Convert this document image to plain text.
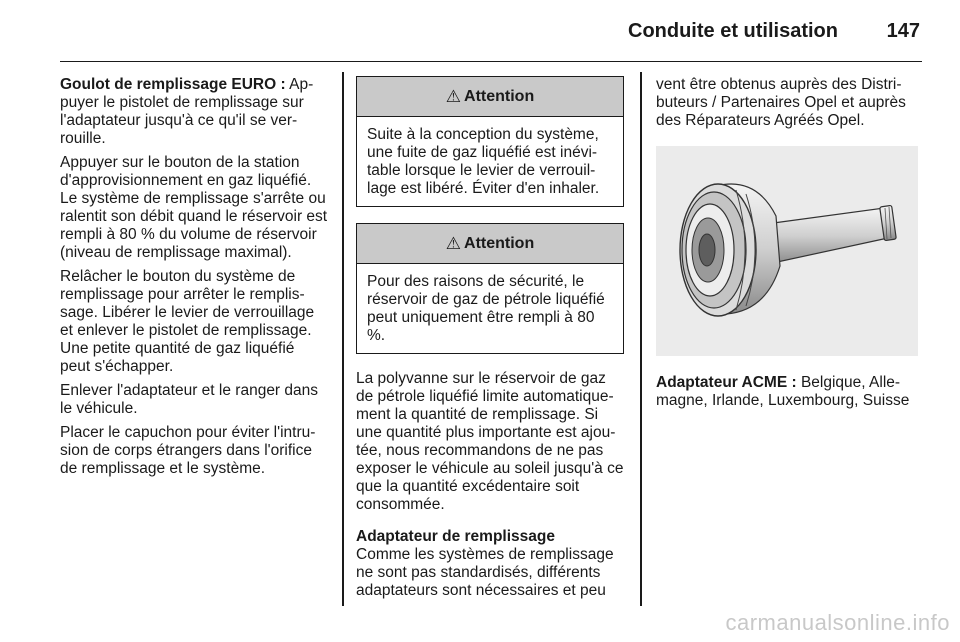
Conduite et utilisation 147

Goulot de remplissage EURO : Appuyer le pistolet de remplissage sur l'adaptateur jusqu'à ce qu'il se verrouille.

Appuyer sur le bouton de la station d'approvisionnement en gaz liquéfié. Le système de remplissage s'arrête ou ralentit son débit quand le réservoir est rempli à 80 % du volume de réservoir (niveau de remplissage maximal).

Relâcher le bouton du système de remplissage pour arrêter le remplissage. Libérer le levier de verrouillage et enlever le pistolet de remplissage. Une petite quantité de gaz liquéfié peut s'échapper.

Enlever l'adaptateur et le ranger dans le véhicule.

Placer le capuchon pour éviter l'intrusion de corps étrangers dans l'orifice de remplissage et le système.

⚠ Attention
Suite à la conception du système, une fuite de gaz liquéfié est inévitable lorsque le levier de verrouillage est libéré. Éviter d'en inhaler.
⚠ Attention
Pour des raisons de sécurité, le réservoir de gaz de pétrole liquéfié peut uniquement être rempli à 80 %.

La polyvanne sur le réservoir de gaz de pétrole liquéfié limite automatiquement la quantité de remplissage. Si une quantité plus importante est ajoutée, nous recommandons de ne pas exposer le véhicule au soleil jusqu'à ce que la quantité excédentaire soit consommée.

Adaptateur de remplissage

Comme les systèmes de remplissage ne sont pas standardisés, différents adaptateurs sont nécessaires et peu

vent être obtenus auprès des Distributeurs / Partenaires Opel et auprès des Réparateurs Agréés Opel.

Adaptateur ACME : Belgique, Allemagne, Irlande, Luxembourg, Suisse

carmanualsonline.info
